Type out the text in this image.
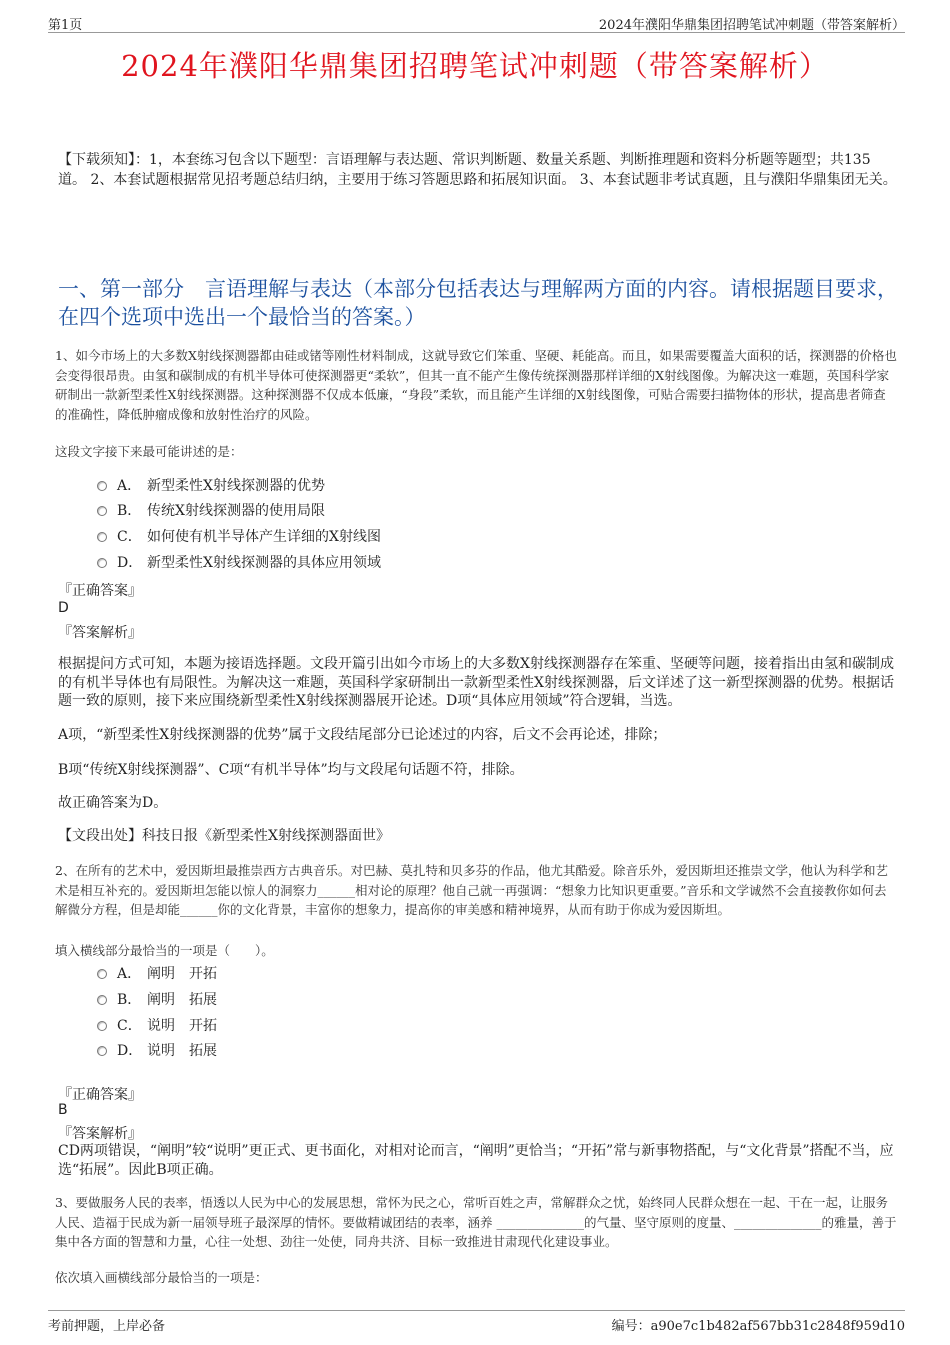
第1页	2024年濮阳华鼎集团招聘笔试冲刺题（带答案解析）
2024年濮阳华鼎集团招聘笔试冲刺题（带答案解析）
【下载须知】：1，本套练习包含以下题型：言语理解与表达题、常识判断题、数量关系题、判断推理题和资料分析题等题型；共135道。 2、本套试题根据常见招考题总结归纳，主要用于练习答题思路和拓展知识面。 3、本套试题非考试真题，且与濮阳华鼎集团无关。
一、第一部分　言语理解与表达（本部分包括表达与理解两方面的内容。请根据题目要求，在四个选项中选出一个最恰当的答案。）
1、如今市场上的大多数X射线探测器都由硅或锗等刚性材料制成，这就导致它们笨重、坚硬、耗能高。而且，如果需要覆盖大面积的话，探测器的价格也会变得很昂贵。由氢和碳制成的有机半导体可使探测器更“柔软”，但其一直不能产生像传统探测器那样详细的X射线图像。为解决这一难题，英国科学家研制出一款新型柔性X射线探测器。这种探测器不仅成本低廉，“身段”柔软，而且能产生详细的X射线图像，可贴合需要扫描物体的形状，提高患者筛查的准确性，降低肿瘤成像和放射性治疗的风险。
这段文字接下来最可能讲述的是：
A． 新型柔性X射线探测器的优势
B． 传统X射线探测器的使用局限
C． 如何使有机半导体产生详细的X射线图
D． 新型柔性X射线探测器的具体应用领域
『正确答案』
D
『答案解析』
根据提问方式可知，本题为接语选择题。文段开篇引出如今市场上的大多数X射线探测器存在笨重、坚硬等问题，接着指出由氢和碳制成的有机半导体也有局限性。为解决这一难题，英国科学家研制出一款新型柔性X射线探测器，后文详述了这一新型探测器的优势。根据话题一致的原则，接下来应围绕新型柔性X射线探测器展开论述。D项“具体应用领域”符合逻辑，当选。
A项，“新型柔性X射线探测器的优势”属于文段结尾部分已论述过的内容，后文不会再论述，排除；
B项“传统X射线探测器”、C项“有机半导体”均与文段尾句话题不符，排除。
故正确答案为D。
【文段出处】科技日报《新型柔性X射线探测器面世》
2、在所有的艺术中，爱因斯坦最推崇西方古典音乐。对巴赫、莫扎特和贝多芬的作品，他尤其酷爱。除音乐外，爱因斯坦还推崇文学，他认为科学和艺术是相互补充的。爱因斯坦怎能以惊人的洞察力______相对论的原理？他自己就一再强调：“想象力比知识更重要。”音乐和文学诚然不会直接教你如何去解微分方程，但是却能______你的文化背景，丰富你的想象力，提高你的审美感和精神境界，从而有助于你成为爱因斯坦。
填入横线部分最恰当的一项是（　　）。
A． 阐明　开拓
B． 阐明　拓展
C． 说明　开拓
D． 说明　拓展
『正确答案』
B
『答案解析』
CD两项错误，“阐明”较“说明”更正式、更书面化，对相对论而言，“阐明”更恰当；“开拓”常与新事物搭配，与“文化背景”搭配不当，应选“拓展”。因此B项正确。
3、要做服务人民的表率，悟透以人民为中心的发展思想，常怀为民之心，常听百姓之声，常解群众之忧，始终同人民群众想在一起、干在一起，让服务人民、造福于民成为新一届领导班子最深厚的情怀。要做精诚团结的表率，涵养 ______________的气量、坚守原则的度量、______________的雅量，善于集中各方面的智慧和力量，心往一处想、劲往一处使，同舟共济、目标一致推进甘肃现代化建设事业。
依次填入画横线部分最恰当的一项是：
考前押题，上岸必备	编号：a90e7c1b482af567bb31c2848f959d10
